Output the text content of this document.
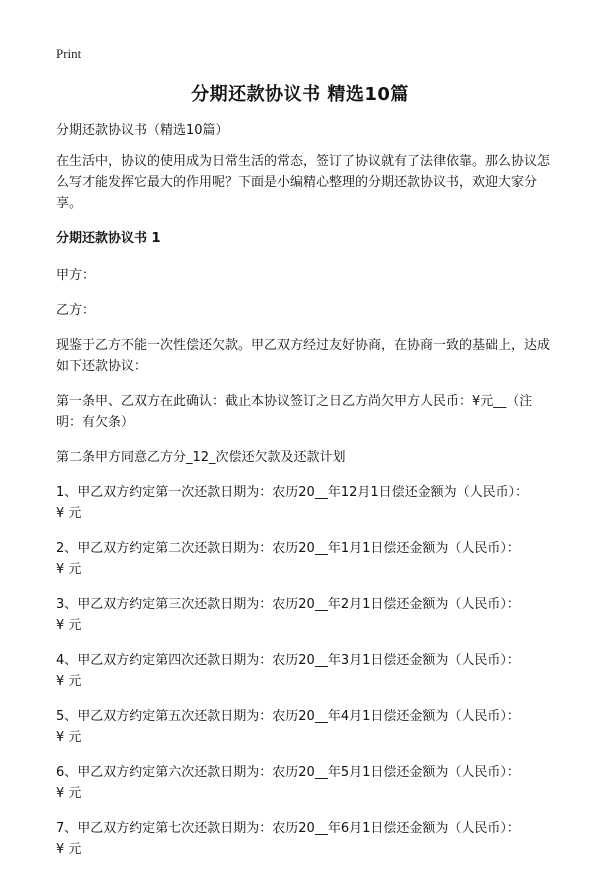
Print
分期还款协议书 精选10篇

分期还款协议书（精选10篇）

在生活中，协议的使用成为日常生活的常态，签订了协议就有了法律依靠。那么协议怎么写才能发挥它最大的作用呢？下面是小编精心整理的分期还款协议书，欢迎大家分享。

分期还款协议书 1

甲方：

乙方：

现鉴于乙方不能一次性偿还欠款。甲乙双方经过友好协商，在协商一致的基础上，达成如下还款协议：

第一条甲、乙双方在此确认：截止本协议签订之日乙方尚欠甲方人民币：¥元__（注明：有欠条）

第二条甲方同意乙方分_12_次偿还欠款及还款计划

1、甲乙双方约定第一次还款日期为：农历20__年12月1日偿还金额为（人民币）：
¥ 元
2、甲乙双方约定第二次还款日期为：农历20__年1月1日偿还金额为（人民币）：
¥ 元
3、甲乙双方约定第三次还款日期为：农历20__年2月1日偿还金额为（人民币）：
¥ 元
4、甲乙双方约定第四次还款日期为：农历20__年3月1日偿还金额为（人民币）：
¥ 元
5、甲乙双方约定第五次还款日期为：农历20__年4月1日偿还金额为（人民币）：
¥ 元
6、甲乙双方约定第六次还款日期为：农历20__年5月1日偿还金额为（人民币）：
¥ 元
7、甲乙双方约定第七次还款日期为：农历20__年6月1日偿还金额为（人民币）：
¥ 元
